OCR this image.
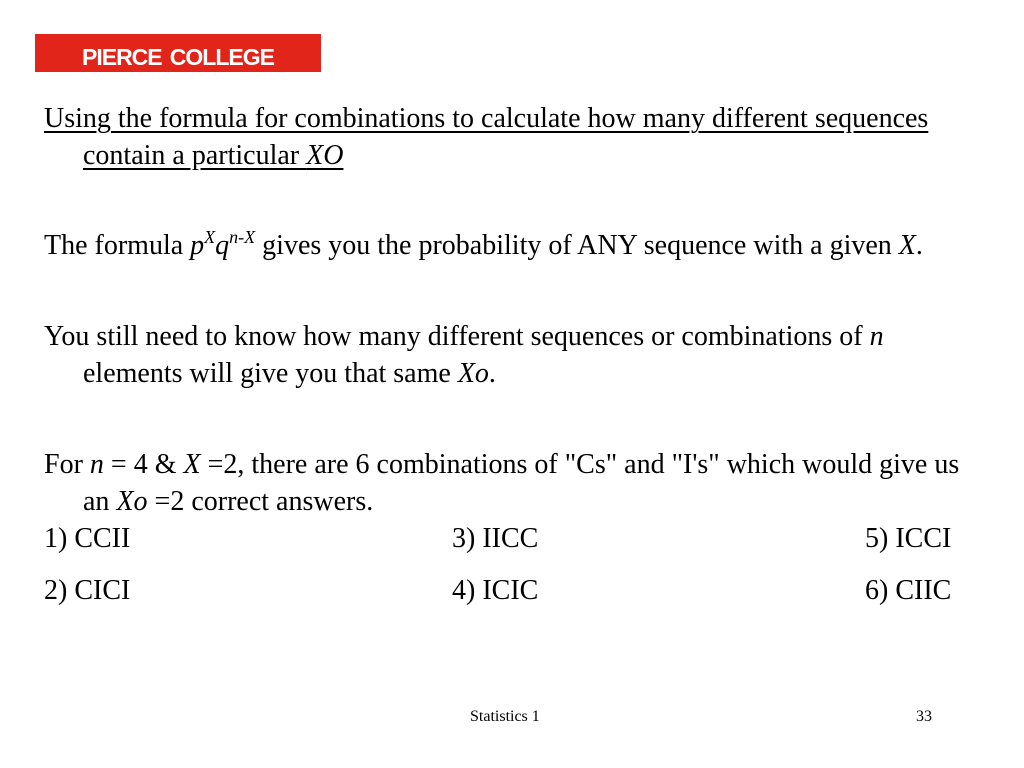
pierce college

Using the formula for combinations to calculate how many different sequences contain a particular XO

The formula $p^Xq^{n-X}$ gives you the probability of ANY sequence with a given X.

You still need to know how many different sequences or combinations of n elements will give you that same Xo.

For n = 4 & X =2, there are 6 combinations of "Cs" and "I's" which would give us an Xo =2 correct answers.

1) CCII	3) IICC	5) ICCI
2) CICI	4) ICIC	6) CIIC
Statistics 1	33
